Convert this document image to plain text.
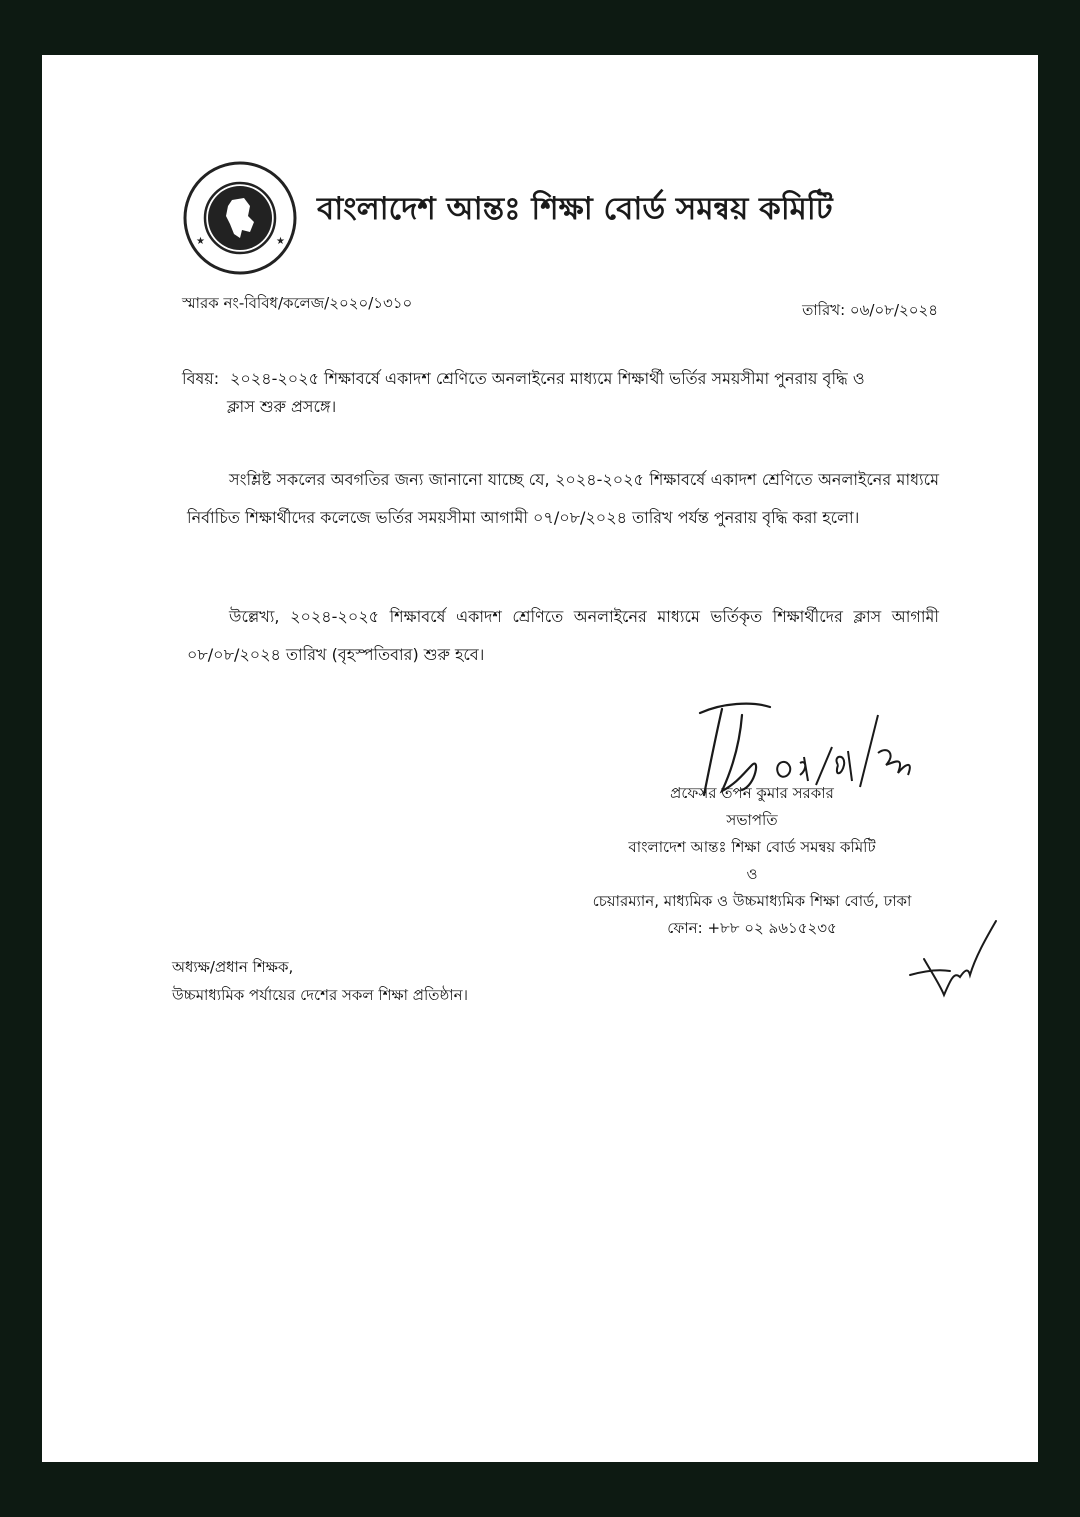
★	★
বাংলাদেশ আন্তঃ শিক্ষা বোর্ড সমন্বয় কমিটি
স্মারক নং-বিবিধ/কলেজ/২০২০/১৩১০	তারিখ: ০৬/০৮/২০২৪
বিষয়: ২০২৪-২০২৫ শিক্ষাবর্ষে একাদশ শ্রেণিতে অনলাইনের মাধ্যমে শিক্ষার্থী ভর্তির সময়সীমা পুনরায় বৃদ্ধি ও
ক্লাস শুরু প্রসঙ্গে।
সংশ্লিষ্ট সকলের অবগতির জন্য জানানো যাচ্ছে যে, ২০২৪-২০২৫ শিক্ষাবর্ষে একাদশ শ্রেণিতে অনলাইনের মাধ্যমে নির্বাচিত শিক্ষার্থীদের কলেজে ভর্তির সময়সীমা আগামী ০৭/০৮/২০২৪ তারিখ পর্যন্ত পুনরায় বৃদ্ধি করা হলো।
উল্লেখ্য, ২০২৪-২০২৫ শিক্ষাবর্ষে একাদশ শ্রেণিতে অনলাইনের মাধ্যমে ভর্তিকৃত শিক্ষার্থীদের ক্লাস আগামী ০৮/০৮/২০২৪ তারিখ (বৃহস্পতিবার) শুরু হবে।
প্রফেসর তপন কুমার সরকার
সভাপতি
বাংলাদেশ আন্তঃ শিক্ষা বোর্ড সমন্বয় কমিটি
ও
চেয়ারম্যান, মাধ্যমিক ও উচ্চমাধ্যমিক শিক্ষা বোর্ড, ঢাকা
ফোন: +৮৮ ০২ ৯৬১৫২৩৫
অধ্যক্ষ/প্রধান শিক্ষক,
উচ্চমাধ্যমিক পর্যায়ের দেশের সকল শিক্ষা প্রতিষ্ঠান।
